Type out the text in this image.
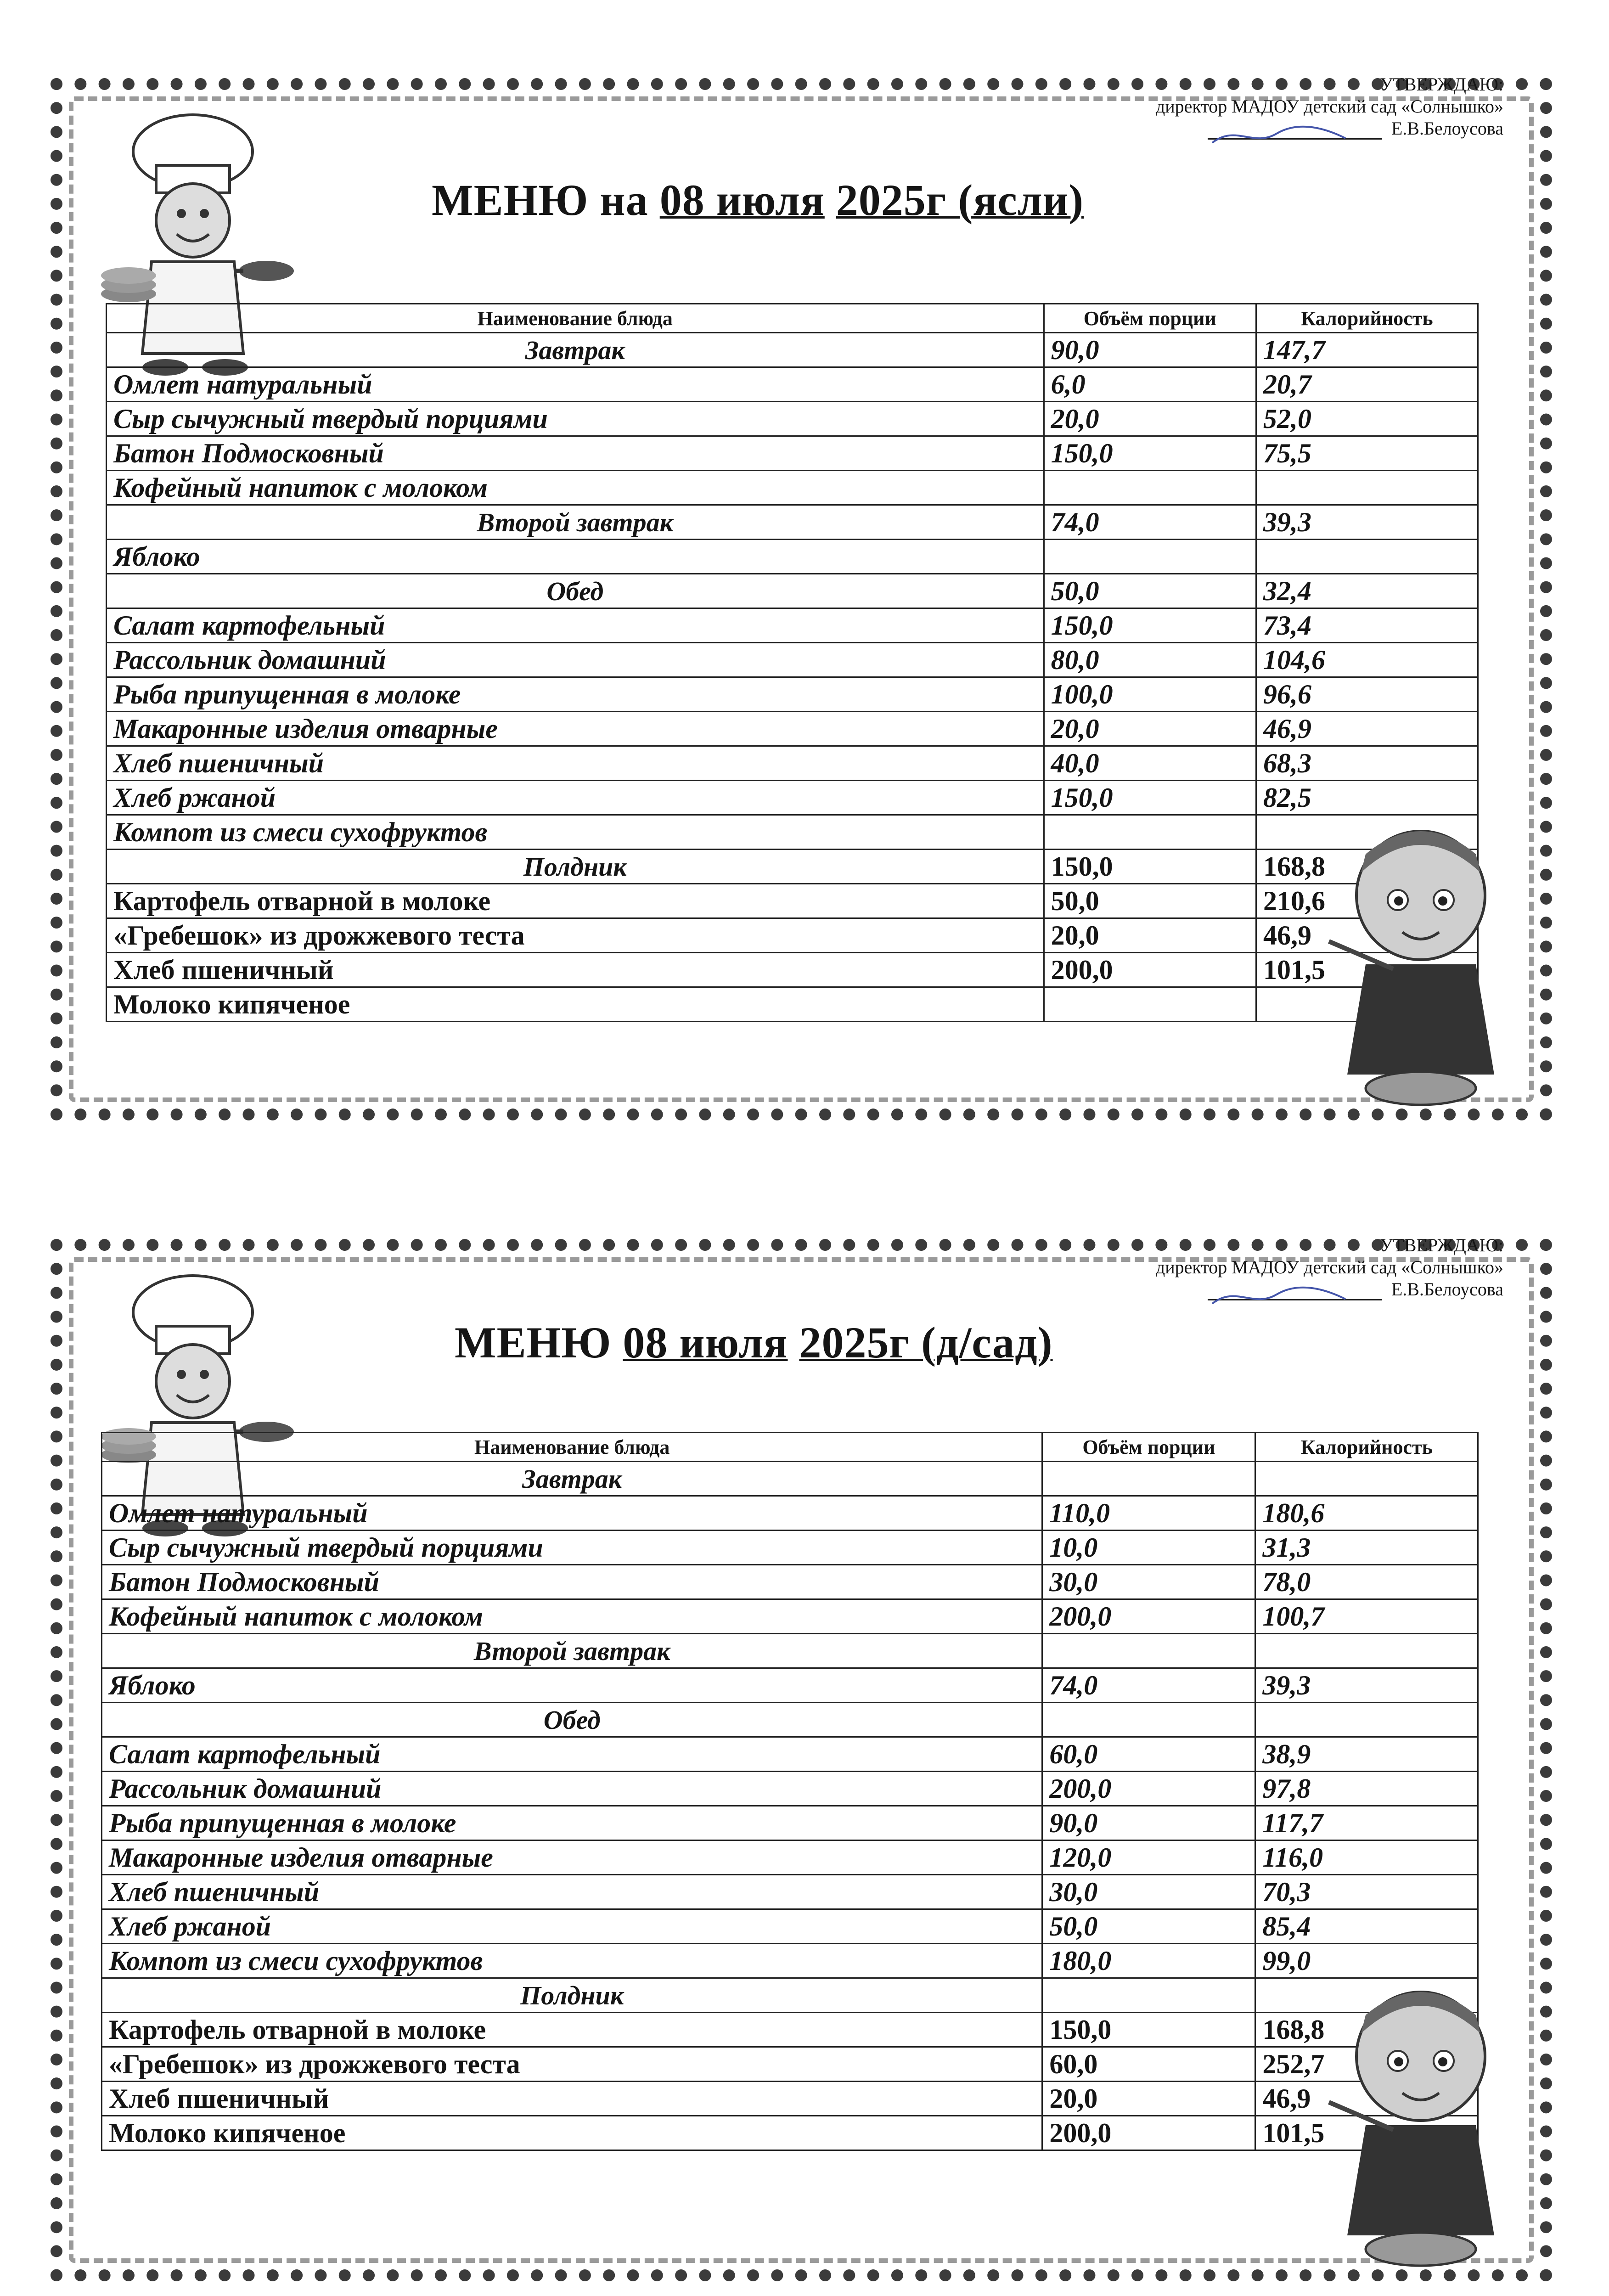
УТВЕРЖДАЮ:
директор МАДОУ детский сад «Солнышко»
Е.В.Белоусова
МЕНЮ на 08 июля 2025г (ясли)
Наименование блюда	Объём порции	Калорийность
Завтрак	90,0	147,7
Омлет натуральный	6,0	20,7
Сыр сычужный твердый порциями	20,0	52,0
Батон Подмосковный	150,0	75,5
Кофейный напиток с молоком		
Второй завтрак	74,0	39,3
Яблоко		
Обед	50,0	32,4
Салат картофельный	150,0	73,4
Рассольник домашний	80,0	104,6
Рыба припущенная в молоке	100,0	96,6
Макаронные изделия отварные	20,0	46,9
Хлеб пшеничный	40,0	68,3
Хлеб ржаной	150,0	82,5
Компот из смеси сухофруктов		
Полдник	150,0	168,8
Картофель отварной в молоке	50,0	210,6
«Гребешок» из дрожжевого теста	20,0	46,9
Хлеб пшеничный	200,0	101,5
Молоко кипяченое		
УТВЕРЖДАЮ:
директор МАДОУ детский сад «Солнышко»
Е.В.Белоусова
МЕНЮ 08 июля 2025г (д/сад)
Наименование блюда	Объём порции	Калорийность
Завтрак		
Омлет натуральный	110,0	180,6
Сыр сычужный твердый порциями	10,0	31,3
Батон Подмосковный	30,0	78,0
Кофейный напиток с молоком	200,0	100,7
Второй завтрак		
Яблоко	74,0	39,3
Обед		
Салат картофельный	60,0	38,9
Рассольник домашний	200,0	97,8
Рыба припущенная в молоке	90,0	117,7
Макаронные изделия отварные	120,0	116,0
Хлеб пшеничный	30,0	70,3
Хлеб ржаной	50,0	85,4
Компот из смеси сухофруктов	180,0	99,0
Полдник		
Картофель отварной в молоке	150,0	168,8
«Гребешок» из дрожжевого теста	60,0	252,7
Хлеб пшеничный	20,0	46,9
Молоко кипяченое	200,0	101,5
